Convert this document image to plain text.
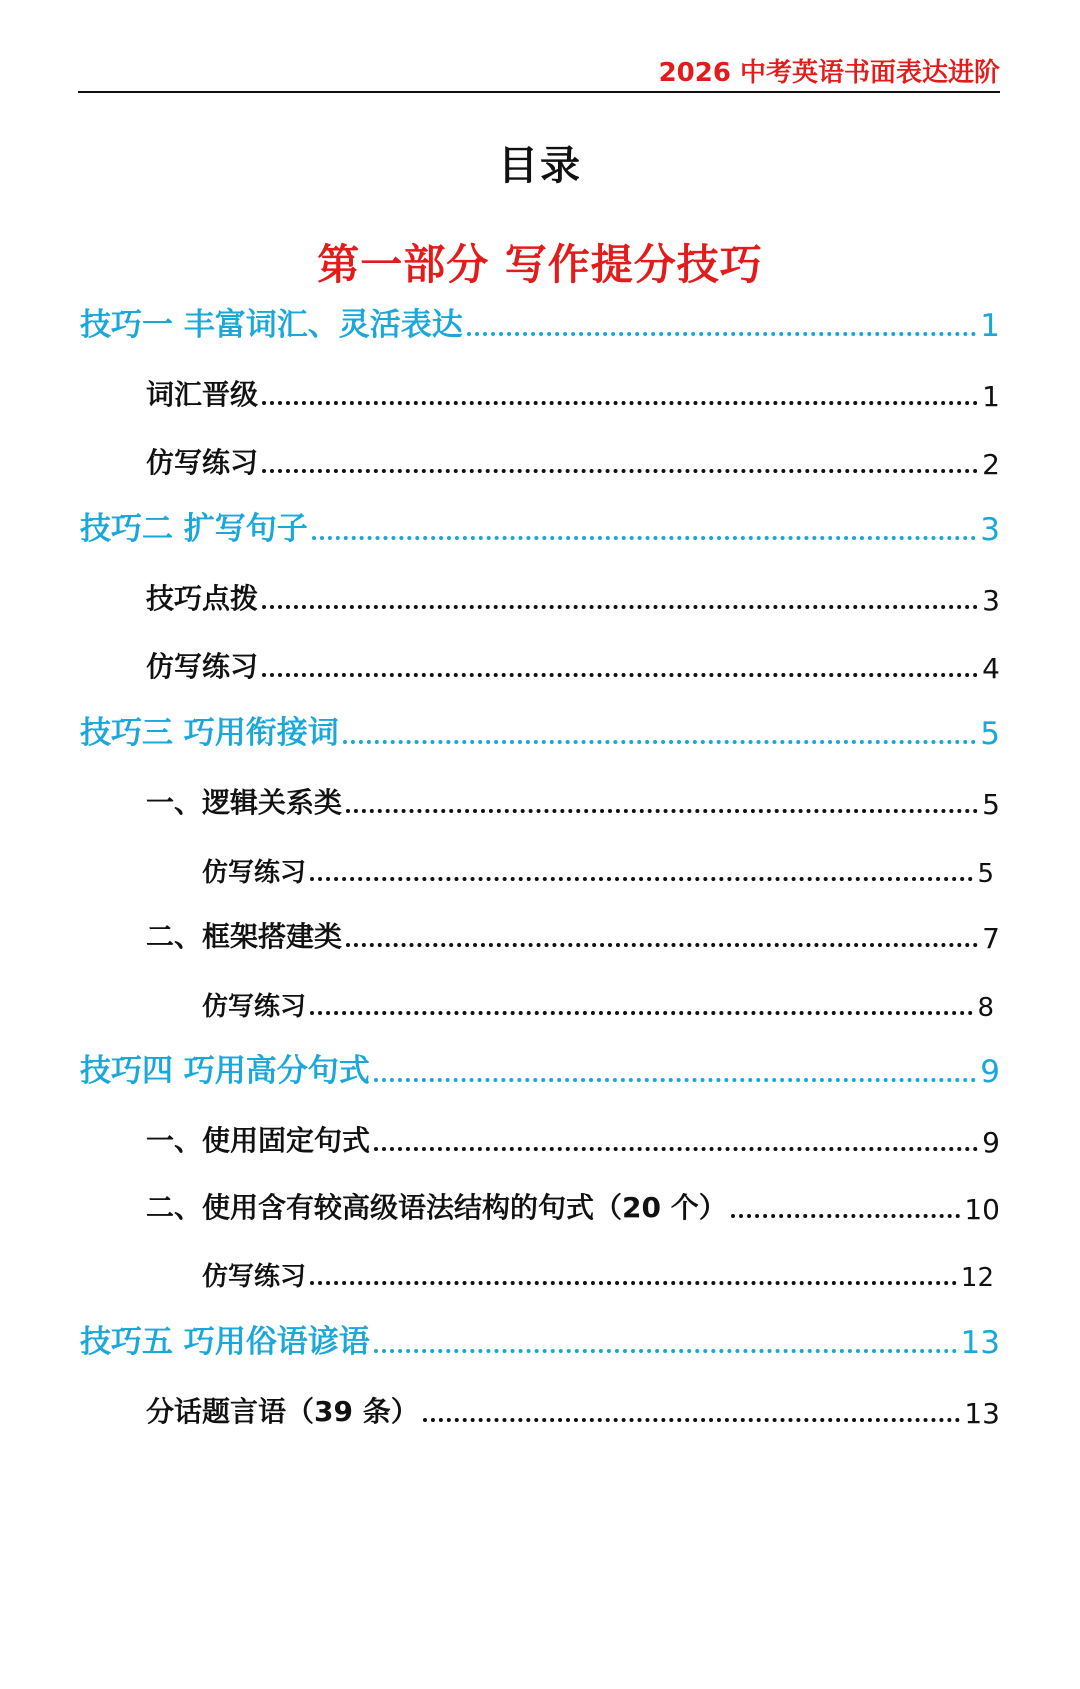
2026 中考英语书面表达进阶
目录
第一部分 写作提分技巧
技巧一 丰富词汇、灵活表达	1
词汇晋级	1
仿写练习	2
技巧二 扩写句子	3
技巧点拨	3
仿写练习	4
技巧三 巧用衔接词	5
一、逻辑关系类	5
仿写练习	5
二、框架搭建类	7
仿写练习	8
技巧四 巧用高分句式	9
一、使用固定句式	9
二、使用含有较高级语法结构的句式（20 个）	10
仿写练习	12
技巧五 巧用俗语谚语	13
分话题言语（39 条）	13
